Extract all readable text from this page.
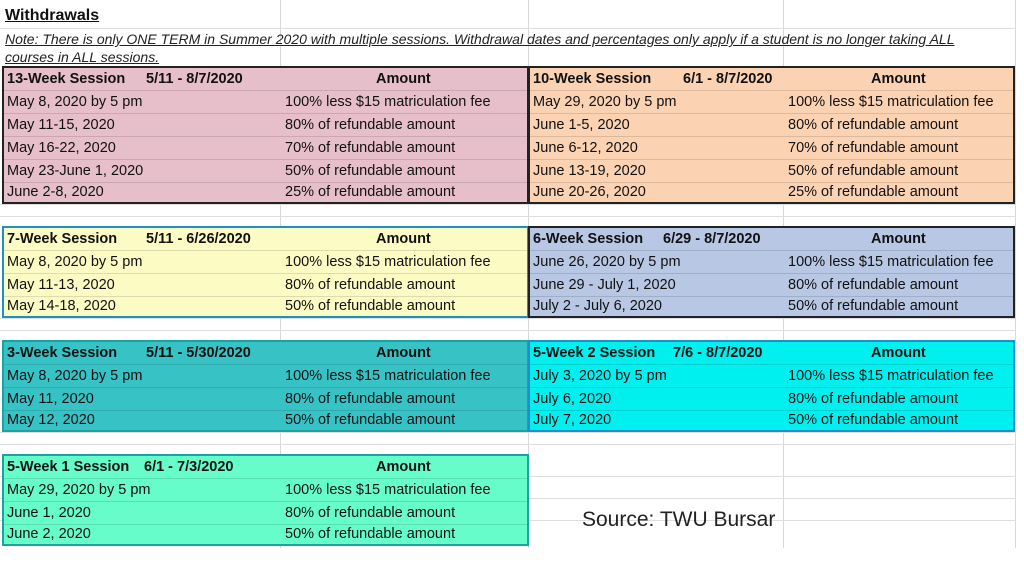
Withdrawals
Note: There is only ONE TERM in Summer 2020 with multiple sessions. Withdrawal dates and percentages only apply if a student is no longer taking ALL courses in ALL sessions.
13-Week Session 5/11 - 8/7/2020	Amount
May 8, 2020 by 5 pm	100% less $15 matriculation fee
May 11-15, 2020	80% of refundable amount
May 16-22, 2020	70% of refundable amount
May 23-June 1, 2020	50% of refundable amount
June 2-8, 2020	25% of refundable amount
10-Week Session 6/1 - 8/7/2020	Amount
May 29, 2020 by 5 pm	100% less $15 matriculation fee
June 1-5, 2020	80% of refundable amount
June 6-12, 2020	70% of refundable amount
June 13-19, 2020	50% of refundable amount
June 20-26, 2020	25% of refundable amount
7-Week Session 5/11 - 6/26/2020	Amount
May 8, 2020 by 5 pm	100% less $15 matriculation fee
May 11-13, 2020	80% of refundable amount
May 14-18, 2020	50% of refundable amount
6-Week Session 6/29 - 8/7/2020	Amount
June 26, 2020 by 5 pm	100% less $15 matriculation fee
June 29 - July 1, 2020	80% of refundable amount
July 2 - July 6, 2020	50% of refundable amount
3-Week Session 5/11 - 5/30/2020	Amount
May 8, 2020 by 5 pm	100% less $15 matriculation fee
May 11, 2020	80% of refundable amount
May 12, 2020	50% of refundable amount
5-Week 2 Session 7/6 - 8/7/2020	Amount
July 3, 2020 by 5 pm	100% less $15 matriculation fee
July 6, 2020	80% of refundable amount
July 7, 2020	50% of refundable amount
5-Week 1 Session 6/1 - 7/3/2020	Amount
May 29, 2020 by 5 pm	100% less $15 matriculation fee
June 1, 2020	80% of refundable amount
June 2, 2020	50% of refundable amount
Source: TWU Bursar
